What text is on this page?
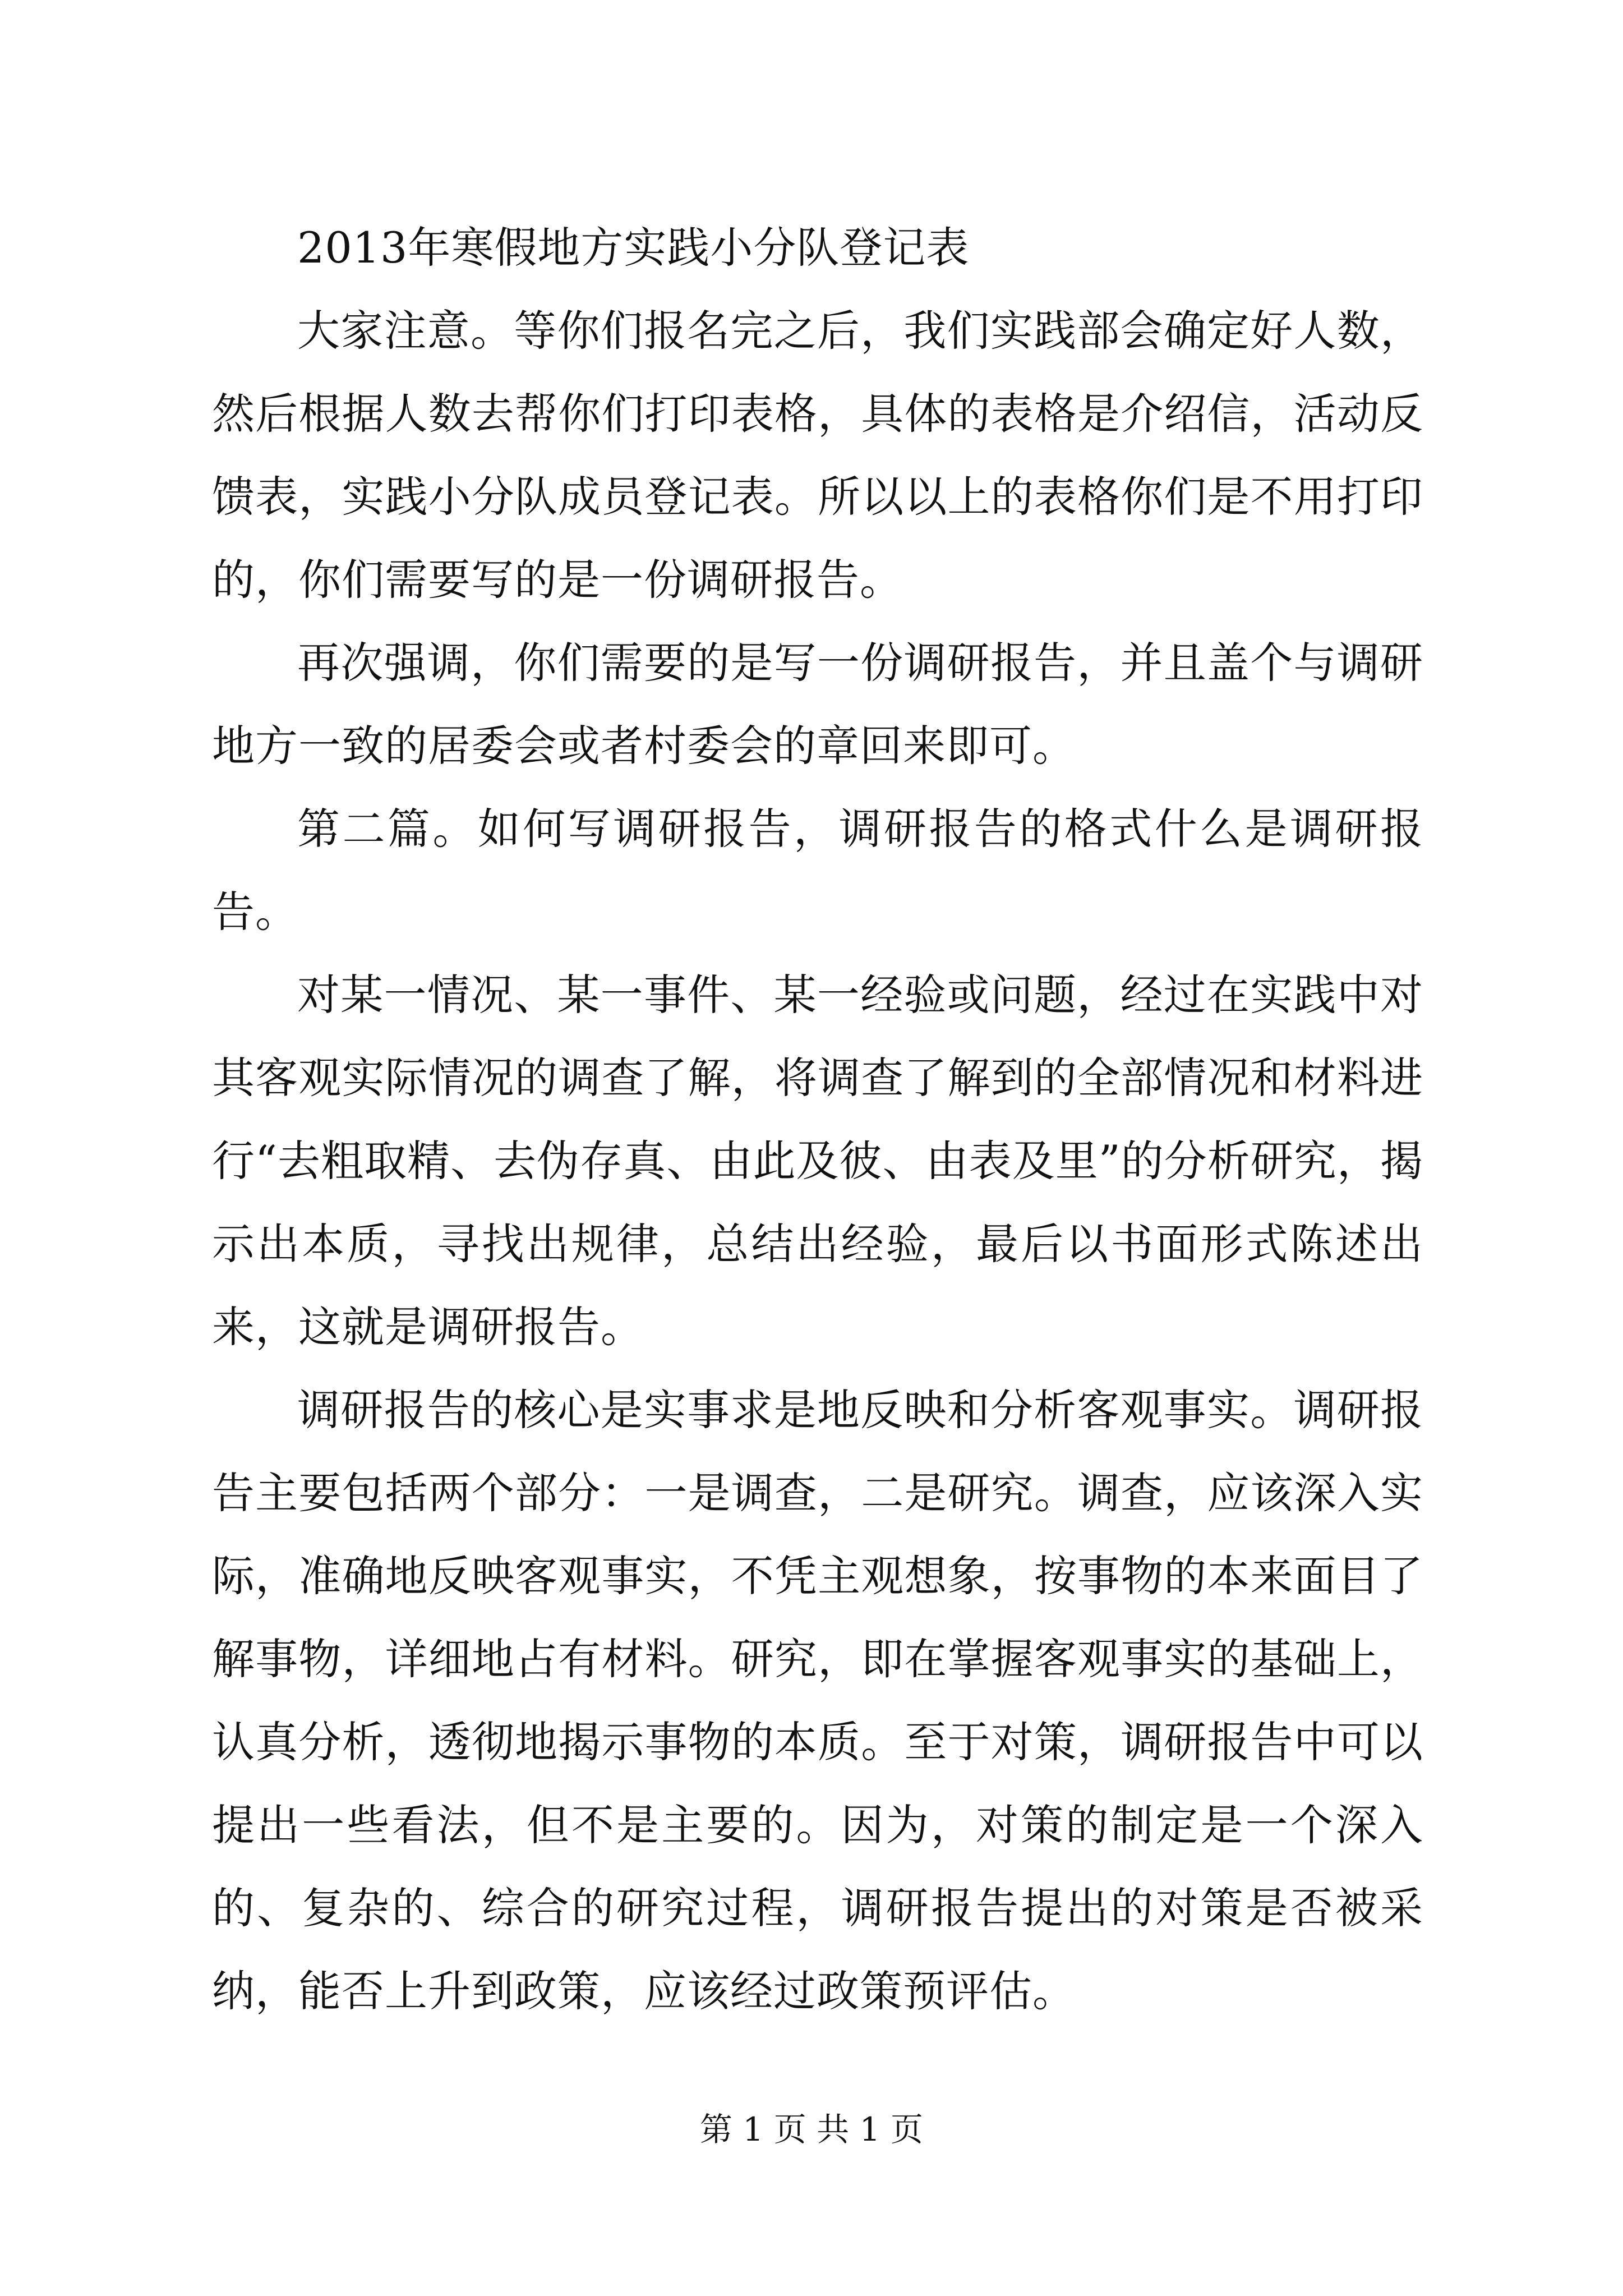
2013年寒假地方实践小分队登记表

大家注意。等你们报名完之后，我们实践部会确定好人数，然后根据人数去帮你们打印表格，具体的表格是介绍信，活动反馈表，实践小分队成员登记表。所以以上的表格你们是不用打印的，你们需要写的是一份调研报告。

再次强调，你们需要的是写一份调研报告，并且盖个与调研地方一致的居委会或者村委会的章回来即可。

第二篇。如何写调研报告，调研报告的格式什么是调研报告。

对某一情况、某一事件、某一经验或问题，经过在实践中对其客观实际情况的调查了解，将调查了解到的全部情况和材料进行“去粗取精、去伪存真、由此及彼、由表及里”的分析研究，揭示出本质，寻找出规律，总结出经验，最后以书面形式陈述出来，这就是调研报告。

调研报告的核心是实事求是地反映和分析客观事实。调研报告主要包括两个部分：一是调查，二是研究。调查，应该深入实际，准确地反映客观事实，不凭主观想象，按事物的本来面目了解事物，详细地占有材料。研究，即在掌握客观事实的基础上，认真分析，透彻地揭示事物的本质。至于对策，调研报告中可以提出一些看法，但不是主要的。因为，对策的制定是一个深入的、复杂的、综合的研究过程，调研报告提出的对策是否被采纳，能否上升到政策，应该经过政策预评估。

第 1 页 共 1 页
